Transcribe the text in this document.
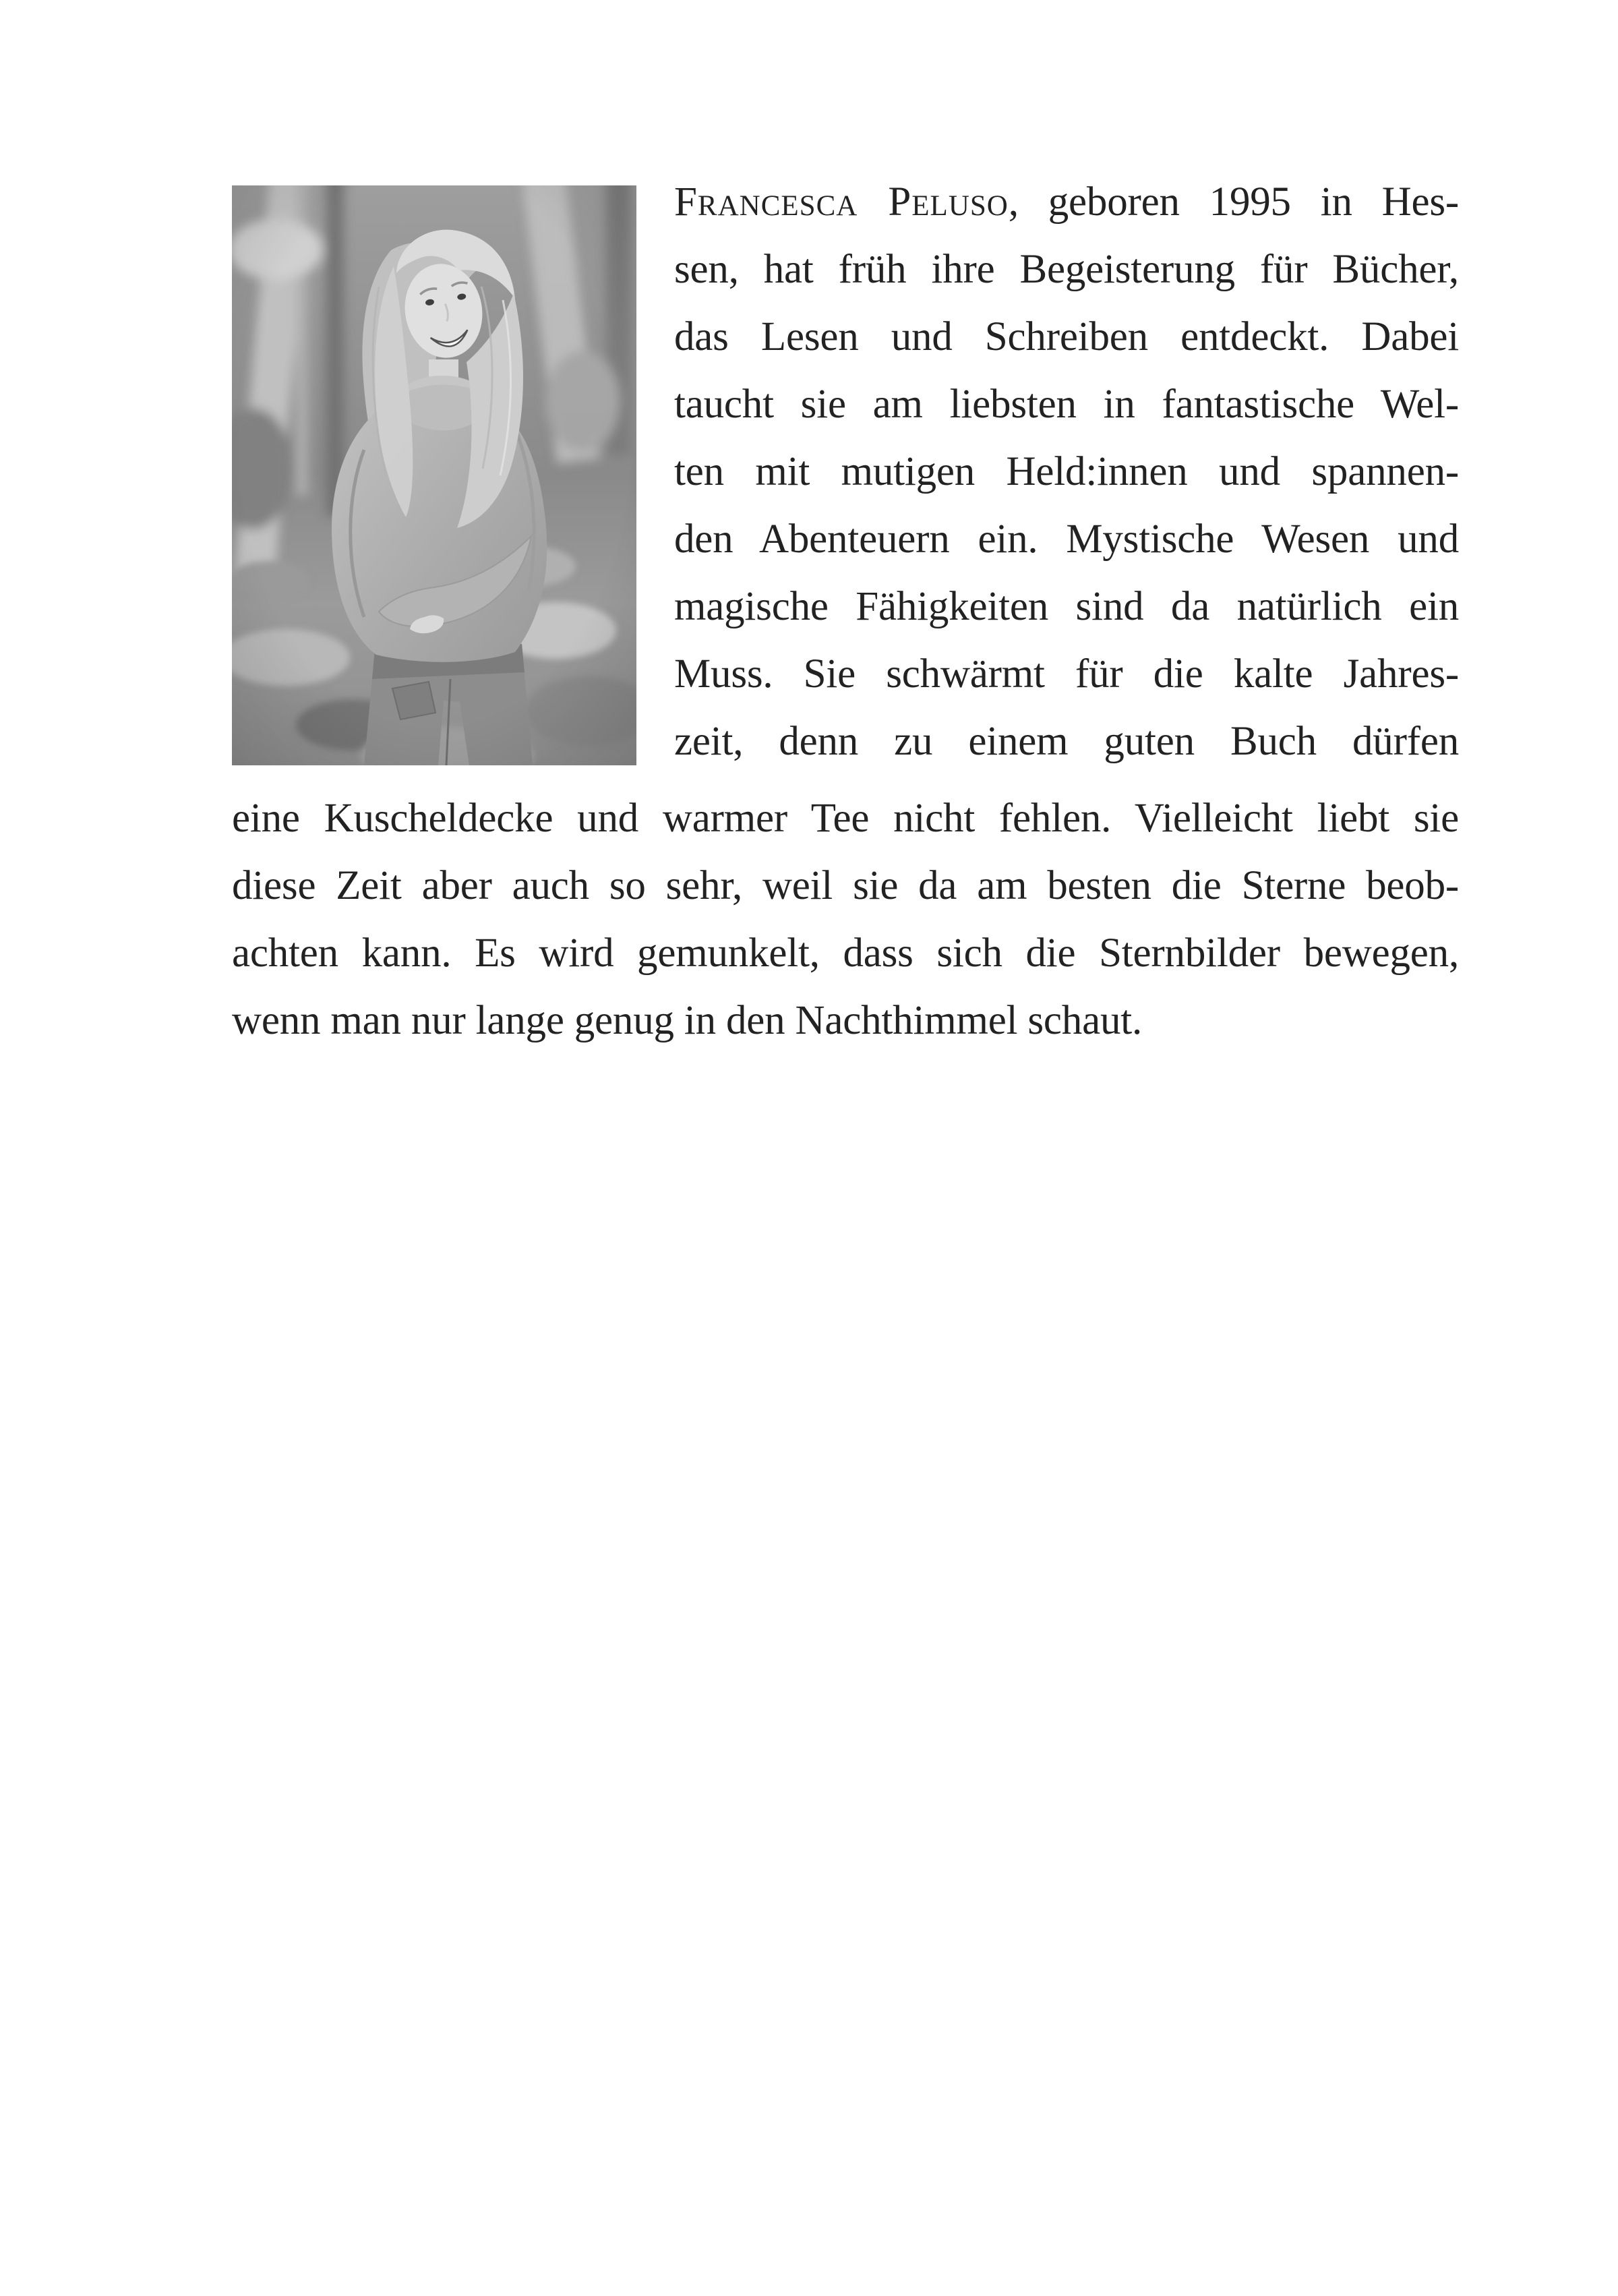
Francesca Peluso, geboren 1995 in Hes-
sen, hat früh ihre Begeisterung für Bücher,
das Lesen und Schreiben entdeckt. Dabei
taucht sie am liebsten in fantastische Wel-
ten mit mutigen Held:innen und spannen-
den Abenteuern ein. Mystische Wesen und
magische Fähigkeiten sind da natürlich ein
Muss. Sie schwärmt für die kalte Jahres-
zeit, denn zu einem guten Buch dürfen
eine Kuscheldecke und warmer Tee nicht fehlen. Vielleicht liebt sie
diese Zeit aber auch so sehr, weil sie da am besten die Sterne beob-
achten kann. Es wird gemunkelt, dass sich die Sternbilder bewegen,
wenn man nur lange genug in den Nachthimmel schaut.
